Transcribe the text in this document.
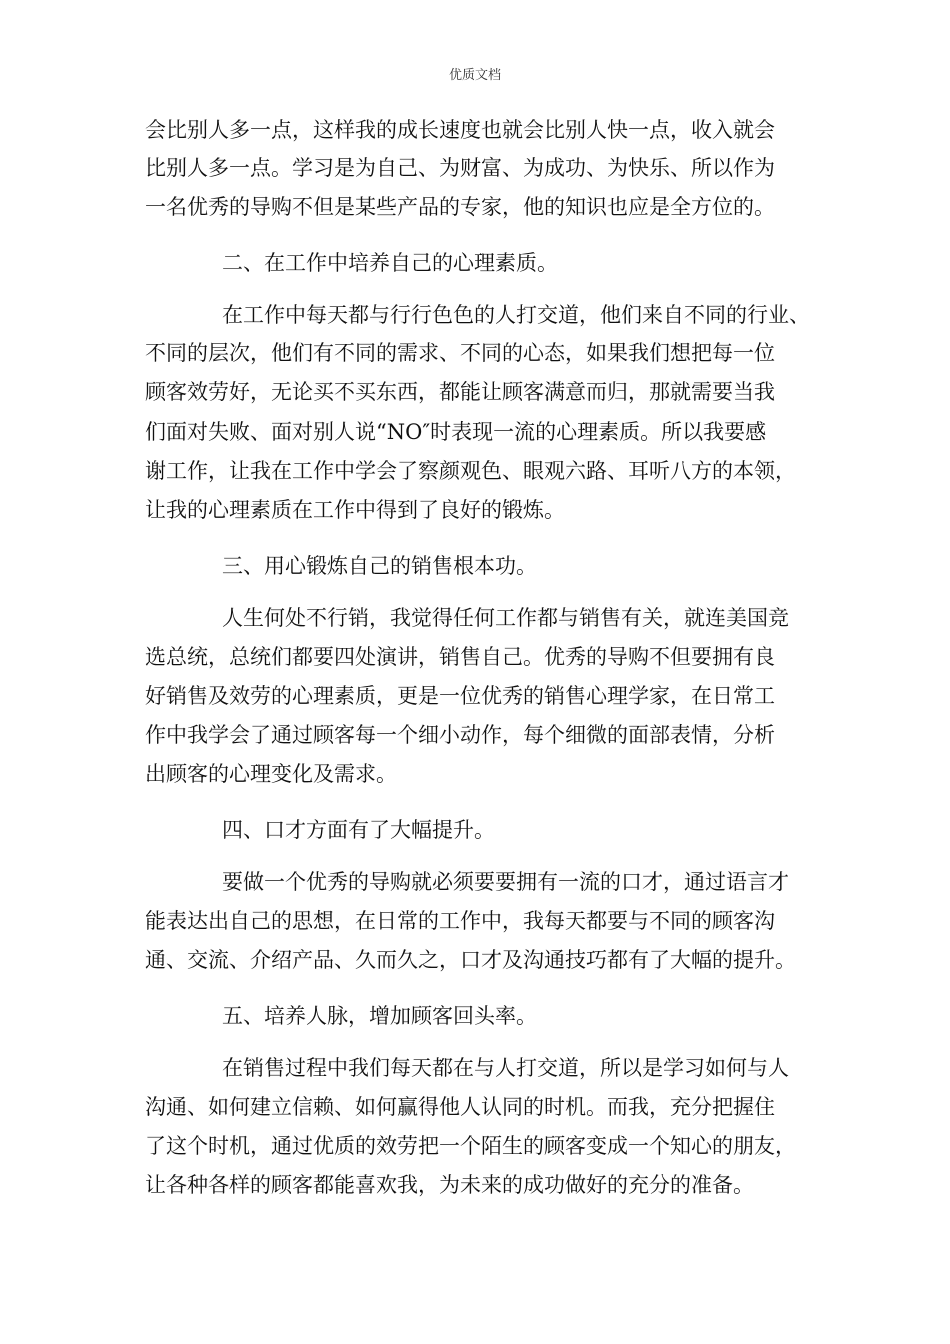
优质文档
会比别人多一点，这样我的成长速度也就会比别人快一点，收入就会
比别人多一点。学习是为自己、为财富、为成功、为快乐、所以作为
一名优秀的导购不但是某些产品的专家，他的知识也应是全方位的。
二、在工作中培养自己的心理素质。
在工作中每天都与行行色色的人打交道，他们来自不同的行业、
不同的层次，他们有不同的需求、不同的心态，如果我们想把每一位
顾客效劳好，无论买不买东西，都能让顾客满意而归，那就需要当我
们面对失败、面对别人说“NO″时表现一流的心理素质。所以我要感
谢工作，让我在工作中学会了察颜观色、眼观六路、耳听八方的本领，
让我的心理素质在工作中得到了良好的锻炼。
三、用心锻炼自己的销售根本功。
人生何处不行销，我觉得任何工作都与销售有关，就连美国竞
选总统，总统们都要四处演讲，销售自己。优秀的导购不但要拥有良
好销售及效劳的心理素质，更是一位优秀的销售心理学家，在日常工
作中我学会了通过顾客每一个细小动作，每个细微的面部表情，分析
出顾客的心理变化及需求。
四、口才方面有了大幅提升。
要做一个优秀的导购就必须要要拥有一流的口才，通过语言才
能表达出自己的思想，在日常的工作中，我每天都要与不同的顾客沟
通、交流、介绍产品、久而久之，口才及沟通技巧都有了大幅的提升。
五、培养人脉，增加顾客回头率。
在销售过程中我们每天都在与人打交道，所以是学习如何与人
沟通、如何建立信赖、如何赢得他人认同的时机。而我，充分把握住
了这个时机，通过优质的效劳把一个陌生的顾客变成一个知心的朋友，
让各种各样的顾客都能喜欢我，为未来的成功做好的充分的准备。
